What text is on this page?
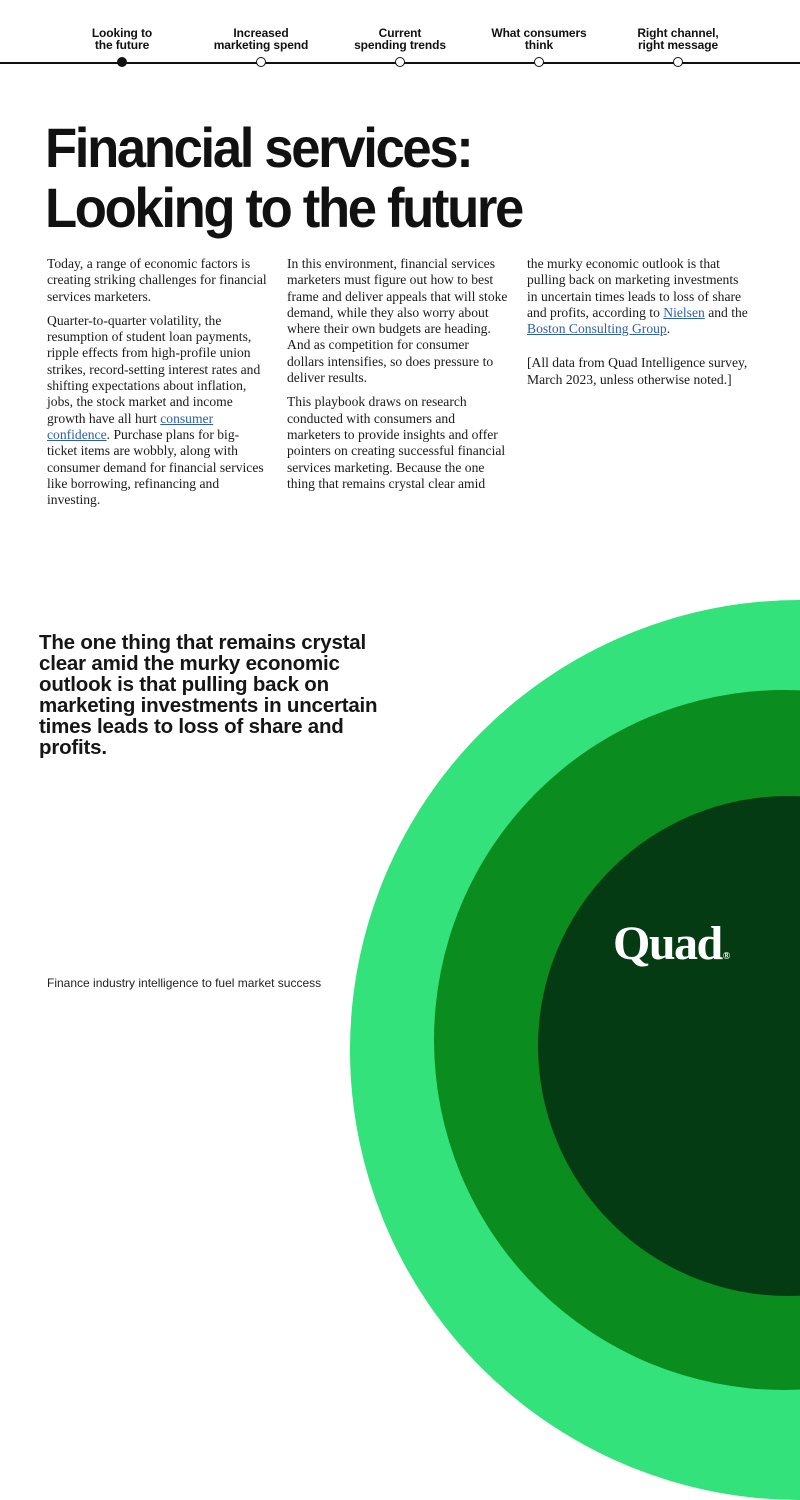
Looking to
the future
Increased
marketing spend
Current
spending trends
What consumers
think
Right channel,
right message
Financial services:
Looking to the future

Today, a range of economic factors is creating striking challenges for financial services marketers.

Quarter-to-quarter volatility, the resumption of student loan payments, ripple effects from high-profile union strikes, record-setting interest rates and shifting expectations about inflation, jobs, the stock market and income growth have all hurt consumer confidence. Purchase plans for big-ticket items are wobbly, along with consumer demand for financial services like borrowing, refinancing and investing.

In this environment, financial services marketers must figure out how to best frame and deliver appeals that will stoke demand, while they also worry about where their own budgets are heading. And as competition for consumer dollars intensifies, so does pressure to deliver results.

This playbook draws on research conducted with consumers and marketers to provide insights and offer pointers on creating successful financial services marketing. Because the one thing that remains crystal clear amid

the murky economic outlook is that pulling back on marketing investments in uncertain times leads to loss of share and profits, according to Nielsen and the Boston Consulting Group.

[All data from Quad Intelligence survey, March 2023, unless otherwise noted.]

The one thing that remains crystal clear amid the murky economic outlook is that pulling back on marketing investments in uncertain times leads to loss of share and profits.

Quad®
Finance industry intelligence to fuel market success
